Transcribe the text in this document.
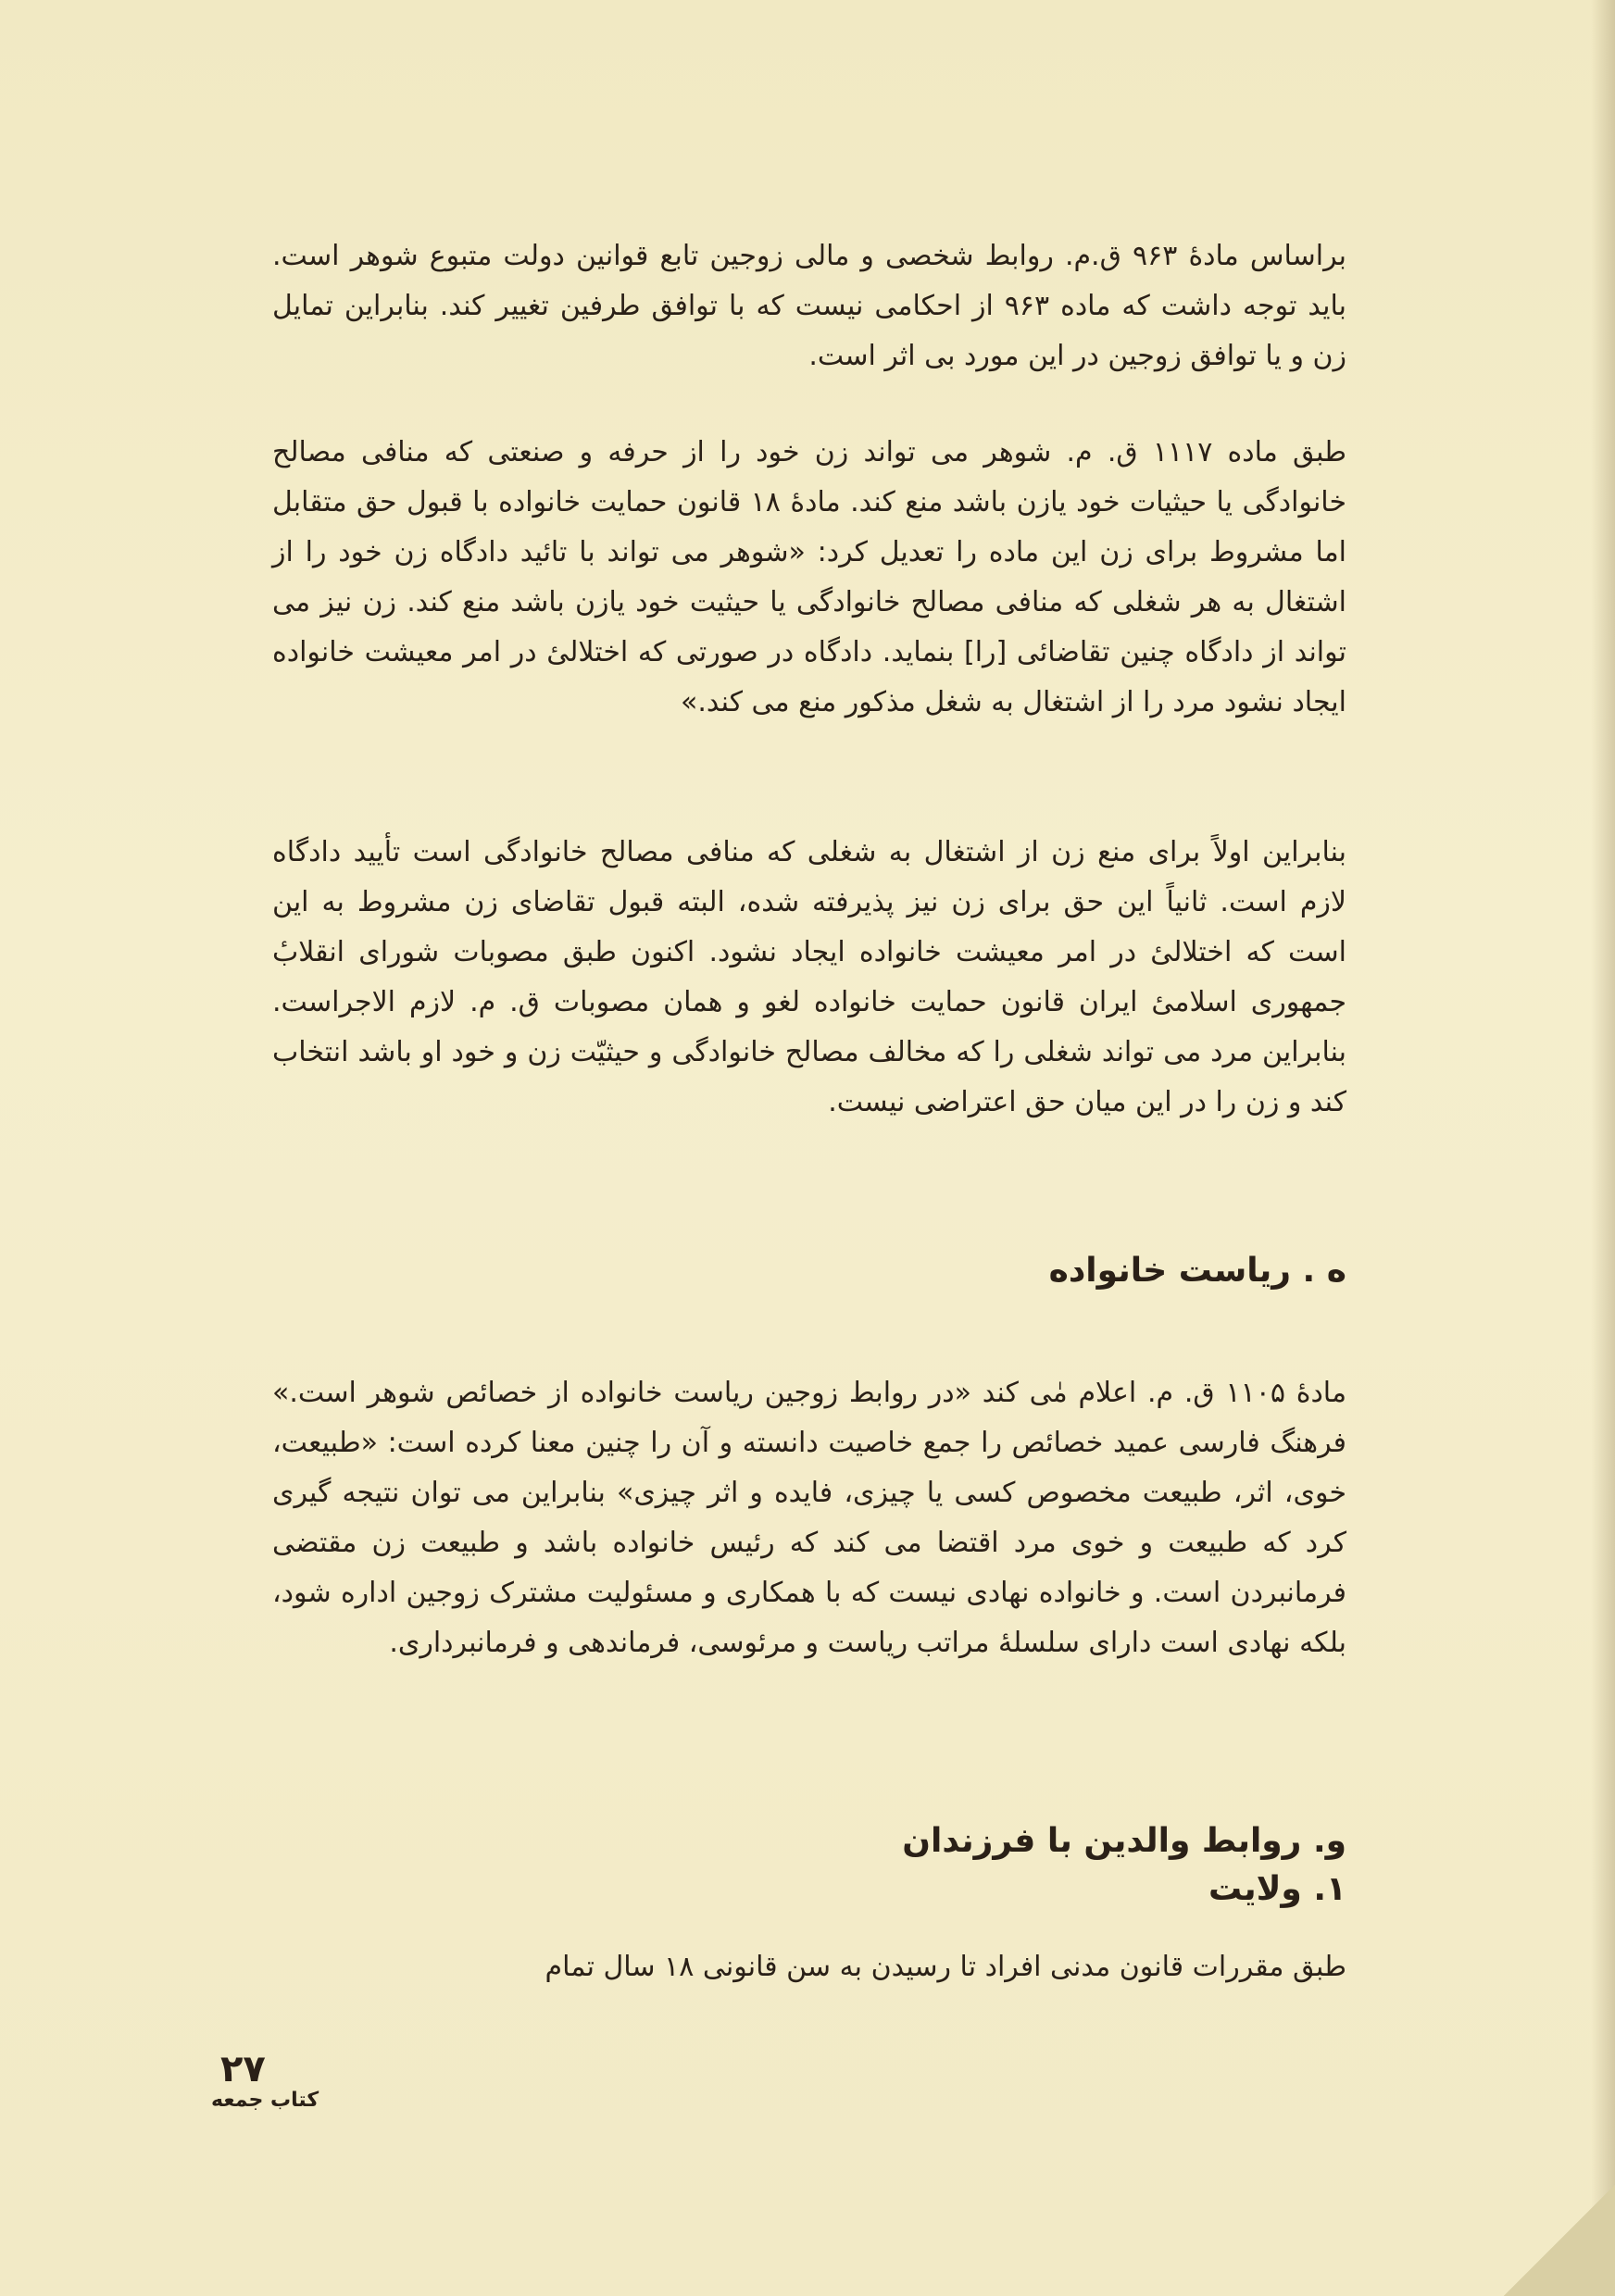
براساس مادهٔ ۹۶۳ ق.م. روابط شخصی و مالی زوجین تابع قوانین دولت متبوع شوهر است. باید توجه داشت که ماده ۹۶۳ از احکامی نیست که با توافق طرفین تغییر کند. بنابراین تمایل زن و یا توافق زوجین در این مورد بی اثر است.

طبق ماده ۱۱۱۷ ق. م. شوهر می تواند زن خود را از حرفه و صنعتی که منافی مصالح خانوادگی یا حیثیات خود یازن باشد منع کند. مادهٔ ۱۸ قانون حمایت خانواده با قبول حق متقابل اما مشروط برای زن این ماده را تعدیل کرد: «شوهر می تواند با تائید دادگاه زن خود را از اشتغال به هر شغلی که منافی مصالح خانوادگی یا حیثیت خود یازن باشد منع کند. زن نیز می تواند از دادگاه چنین تقاضائی [را] بنماید. دادگاه در صورتی که اختلالیٔ در امر معیشت خانواده ایجاد نشود مرد را از اشتغال به شغل مذکور منع می کند.»

بنابراین اولاً برای منع زن از اشتغال به شغلی که منافی مصالح خانوادگی است تأیید دادگاه لازم است. ثانیاً این حق برای زن نیز پذیرفته شده، البته قبول تقاضای زن مشروط به این است که اختلالیٔ در امر معیشت خانواده ایجاد نشود. اکنون طبق مصوبات شورای انقلابٔ جمهوری اسلامیٔ ایران قانون حمایت خانواده لغو و همان مصوبات ق. م. لازم الاجراست. بنابراین مرد می تواند شغلی را که مخالف مصالح خانوادگی و حیثیّت زن و خود او باشد انتخاب کند و زن را در این میان حق اعتراضی نیست.

ه . ریاست خانواده

مادهٔ ۱۱۰۵ ق. م. اعلام مٰی کند «در روابط زوجین ریاست خانواده از خصائص شوهر است.» فرهنگ فارسی عمید خصائص را جمع خاصیت دانسته و آن را چنین معنا کرده است: «طبیعت، خوی، اثر، طبیعت مخصوص کسی یا چیزی، فایده و اثر چیزی» بنابراین می توان نتیجه گیری کرد که طبیعت و خوی مرد اقتضا می کند که رئیس خانواده باشد و طبیعت زن مقتضی فرمانبردن است. و خانواده نهادی نیست که با همکاری و مسئولیت مشترک زوجین اداره شود، بلکه نهادی است دارای سلسلهٔ مراتب ریاست و مرئوسی، فرماندهی و فرمانبرداری.

و. روابط والدین با فرزندان
۱. ولایت

طبق مقررات قانون مدنی افراد تا رسیدن به سن قانونی ۱۸ سال تمام

۲۷
کتاب جمعه
